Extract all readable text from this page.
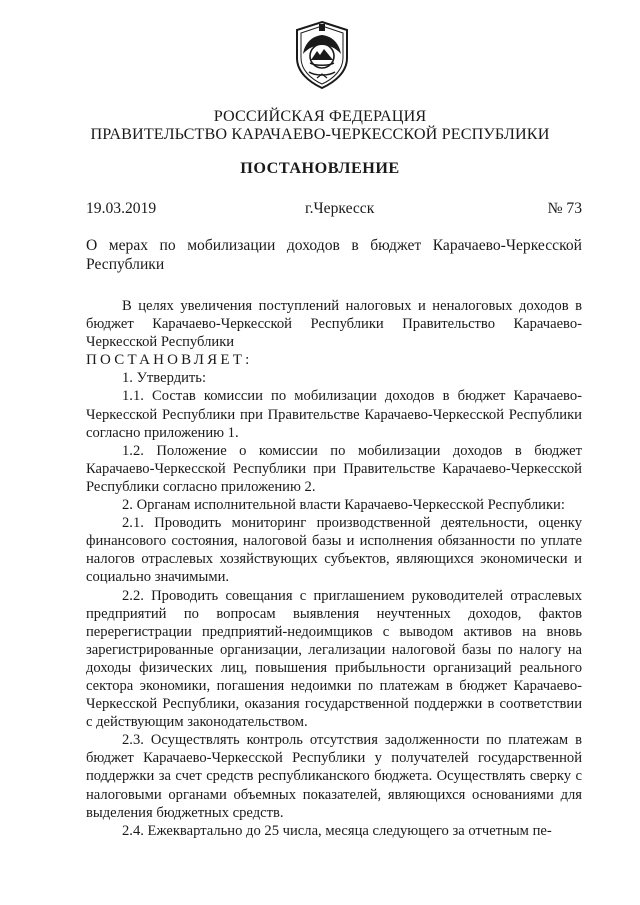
РОССИЙСКАЯ ФЕДЕРАЦИЯ
ПРАВИТЕЛЬСТВО КАРАЧАЕВО-ЧЕРКЕССКОЙ РЕСПУБЛИКИ
ПОСТАНОВЛЕНИЕ
19.03.2019	г.Черкесск	№ 73
О мерах по мобилизации доходов в бюджет Карачаево-Черкесской Республики
В целях увеличения поступлений налоговых и неналоговых доходов в бюджет Карачаево-Черкесской Республики Правительство Карачаево-Черкесской Республики
ПОСТАНОВЛЯЕТ:
1. Утвердить:
1.1. Состав комиссии по мобилизации доходов в бюджет Карачаево-Черкесской Республики при Правительстве Карачаево-Черкесской Республики согласно приложению 1.
1.2. Положение о комиссии по мобилизации доходов в бюджет Карачаево-Черкесской Республики при Правительстве Карачаево-Черкесской Республики согласно приложению 2.
2. Органам исполнительной власти Карачаево-Черкесской Республики:
2.1. Проводить мониторинг производственной деятельности, оценку финансового состояния, налоговой базы и исполнения обязанности по уплате налогов отраслевых хозяйствующих субъектов, являющихся экономически и социально значимыми.
2.2. Проводить совещания с приглашением руководителей отраслевых предприятий по вопросам выявления неучтенных доходов, фактов перерегистрации предприятий-недоимщиков с выводом активов на вновь зарегистрированные организации, легализации налоговой базы по налогу на доходы физических лиц, повышения прибыльности организаций реального сектора экономики, погашения недоимки по платежам в бюджет Карачаево-Черкесской Республики, оказания государственной поддержки в соответствии с действующим законодательством.
2.3. Осуществлять контроль отсутствия задолженности по платежам в бюджет Карачаево-Черкесской Республики у получателей государственной поддержки за счет средств республиканского бюджета. Осуществлять сверку с налоговыми органами объемных показателей, являющихся основаниями для выделения бюджетных средств.
2.4. Ежеквартально до 25 числа, месяца следующего за отчетным пе-
